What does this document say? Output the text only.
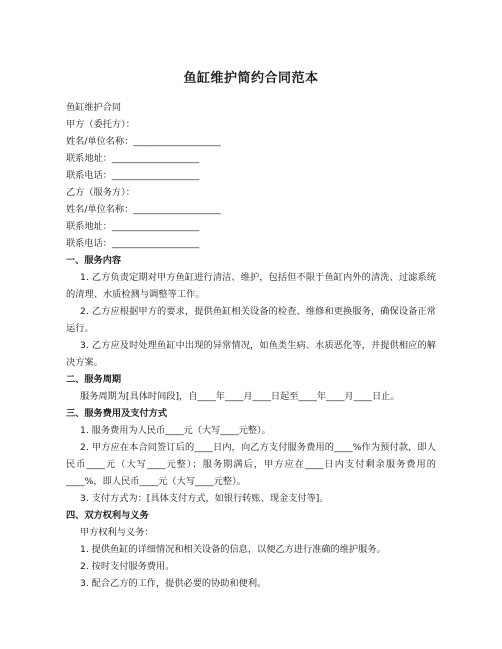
鱼缸维护简约合同范本

鱼缸维护合同

甲方（委托方）：

姓名/单位名称：___________________

联系地址：___________________

联系电话：___________________

乙方（服务方）：

姓名/单位名称：___________________

联系地址：___________________

联系电话：___________________

一、服务内容

1. 乙方负责定期对甲方鱼缸进行清洁、维护，包括但不限于鱼缸内外的清洗、过滤系统的清理、水质检测与调整等工作。

2. 乙方应根据甲方的要求，提供鱼缸相关设备的检查、维修和更换服务，确保设备正常运行。

3. 乙方应及时处理鱼缸中出现的异常情况，如鱼类生病、水质恶化等，并提供相应的解决方案。

二、服务周期

服务周期为[具体时间段]，自____年____月____日起至____年____月____日止。

三、服务费用及支付方式

1. 服务费用为人民币____元（大写____元整）。

2. 甲方应在本合同签订后的____日内，向乙方支付服务费用的____%作为预付款，即人民币____元（大写____元整）；服务期满后，甲方应在____日内支付剩余服务费用的____%，即人民币____元（大写____元整）。

3. 支付方式为：[具体支付方式，如银行转账、现金支付等]。

四、双方权利与义务

甲方权利与义务：

1. 提供鱼缸的详细情况和相关设备的信息，以便乙方进行准确的维护服务。

2. 按时支付服务费用。

3. 配合乙方的工作，提供必要的协助和便利。
